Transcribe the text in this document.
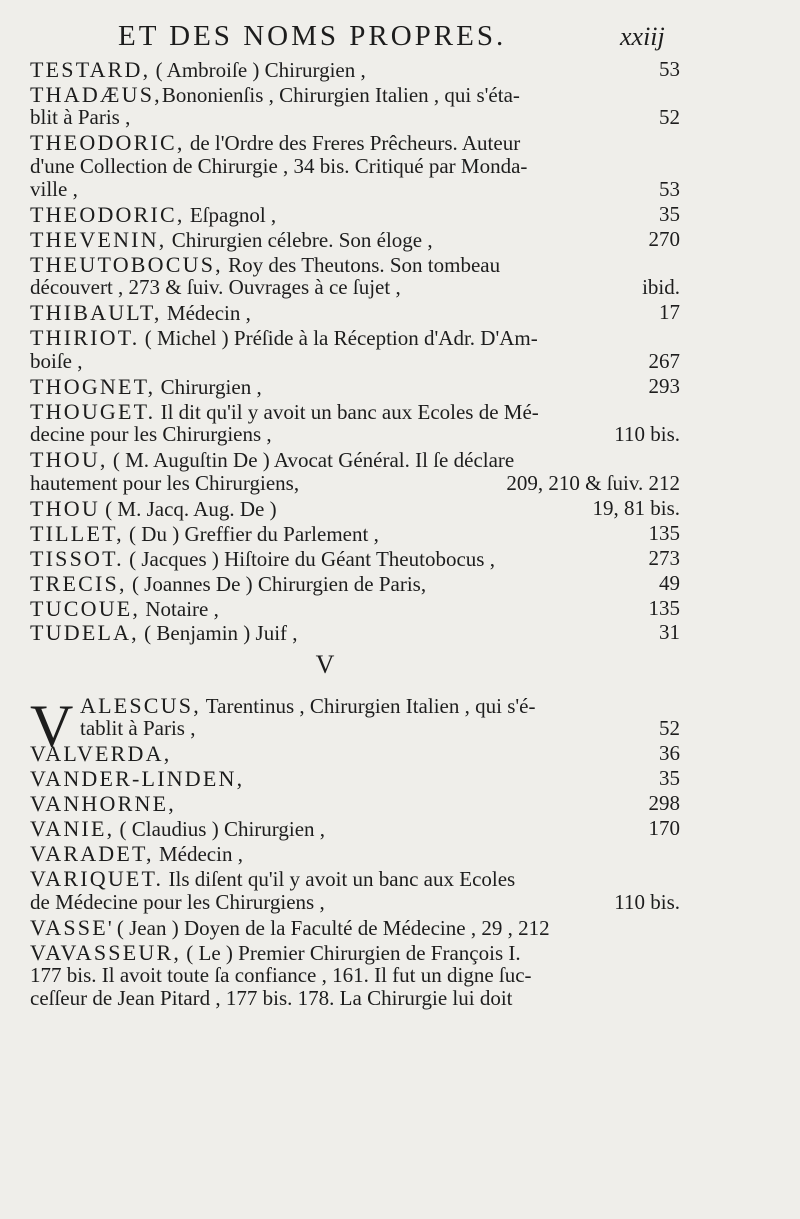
ET DES NOMS PROPRES.	xxiij
TESTARD, ( Ambroiſe ) Chirurgien ,	53
THADÆUS,Bononienſis , Chirurgien Italien , qui s'éta-
blit à Paris ,	52
THEODORIC, de l'Ordre des Freres Prêcheurs. Auteur
d'une Collection de Chirurgie , 34 bis. Critiqué par Monda-
ville ,	53
THEODORIC, Eſpagnol ,	35
THEVENIN, Chirurgien célebre. Son éloge ,	270
THEUTOBOCUS, Roy des Theutons. Son tombeau
découvert , 273 & ſuiv. Ouvrages à ce ſujet ,	ibid.
THIBAULT, Médecin ,	17
THIRIOT. ( Michel ) Préſide à la Réception d'Adr. D'Am-
boiſe ,	267
THOGNET, Chirurgien ,	293
THOUGET. Il dit qu'il y avoit un banc aux Ecoles de Mé-
decine pour les Chirurgiens ,	110 bis.
THOU, ( M. Auguſtin De ) Avocat Général. Il ſe déclare
hautement pour les Chirurgiens,	209, 210 & ſuiv. 212
THOU ( M. Jacq. Aug. De )	19, 81 bis.
TILLET, ( Du ) Greffier du Parlement ,	135
TISSOT. ( Jacques ) Hiſtoire du Géant Theutobocus ,	273
TRECIS, ( Joannes De ) Chirurgien de Paris,	49
TUCOUE, Notaire ,	135
TUDELA, ( Benjamin ) Juif ,	31
V
V ALESCUS, Tarentinus , Chirurgien Italien , qui s'é-
tablit à Paris ,	52
VALVERDA,	36
VANDER-LINDEN,	35
VANHORNE,	298
VANIE, ( Claudius ) Chirurgien ,	170
VARADET, Médecin ,
VARIQUET. Ils diſent qu'il y avoit un banc aux Ecoles
de Médecine pour les Chirurgiens ,	110 bis.
VASSE' ( Jean ) Doyen de la Faculté de Médecine , 29 , 212
VAVASSEUR, ( Le ) Premier Chirurgien de François I.
177 bis. Il avoit toute ſa confiance , 161. Il fut un digne ſuc-
ceſſeur de Jean Pitard , 177 bis. 178. La Chirurgie lui doit
